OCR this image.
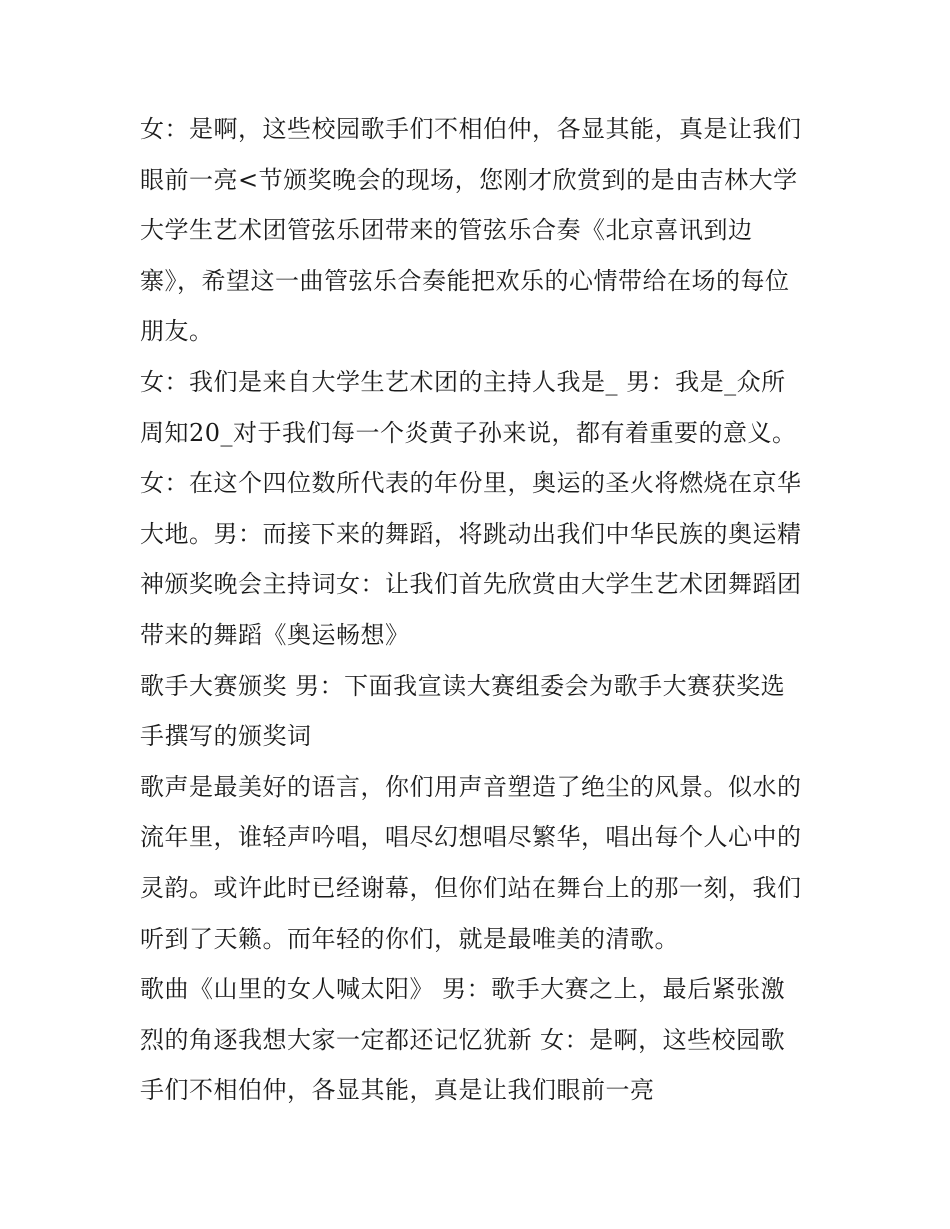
女：是啊，这些校园歌手们不相伯仲，各显其能，真是让我们
眼前一亮<节颁奖晚会的现场，您刚才欣赏到的是由吉林大学
大学生艺术团管弦乐团带来的管弦乐合奏《北京喜讯到边
寨》，希望这一曲管弦乐合奏能把欢乐的心情带给在场的每位
朋友。
女：我们是来自大学生艺术团的主持人我是_ 男：我是_众所
周知20_对于我们每一个炎黄子孙来说，都有着重要的意义。
女：在这个四位数所代表的年份里，奥运的圣火将燃烧在京华
大地。男：而接下来的舞蹈，将跳动出我们中华民族的奥运精
神颁奖晚会主持词女：让我们首先欣赏由大学生艺术团舞蹈团
带来的舞蹈《奥运畅想》
歌手大赛颁奖 男：下面我宣读大赛组委会为歌手大赛获奖选
手撰写的颁奖词
歌声是最美好的语言，你们用声音塑造了绝尘的风景。似水的
流年里，谁轻声吟唱，唱尽幻想唱尽繁华，唱出每个人心中的
灵韵。或许此时已经谢幕，但你们站在舞台上的那一刻，我们
听到了天籁。而年轻的你们，就是最唯美的清歌。
歌曲《山里的女人喊太阳》 男：歌手大赛之上，最后紧张激
烈的角逐我想大家一定都还记忆犹新 女：是啊，这些校园歌
手们不相伯仲，各显其能，真是让我们眼前一亮
